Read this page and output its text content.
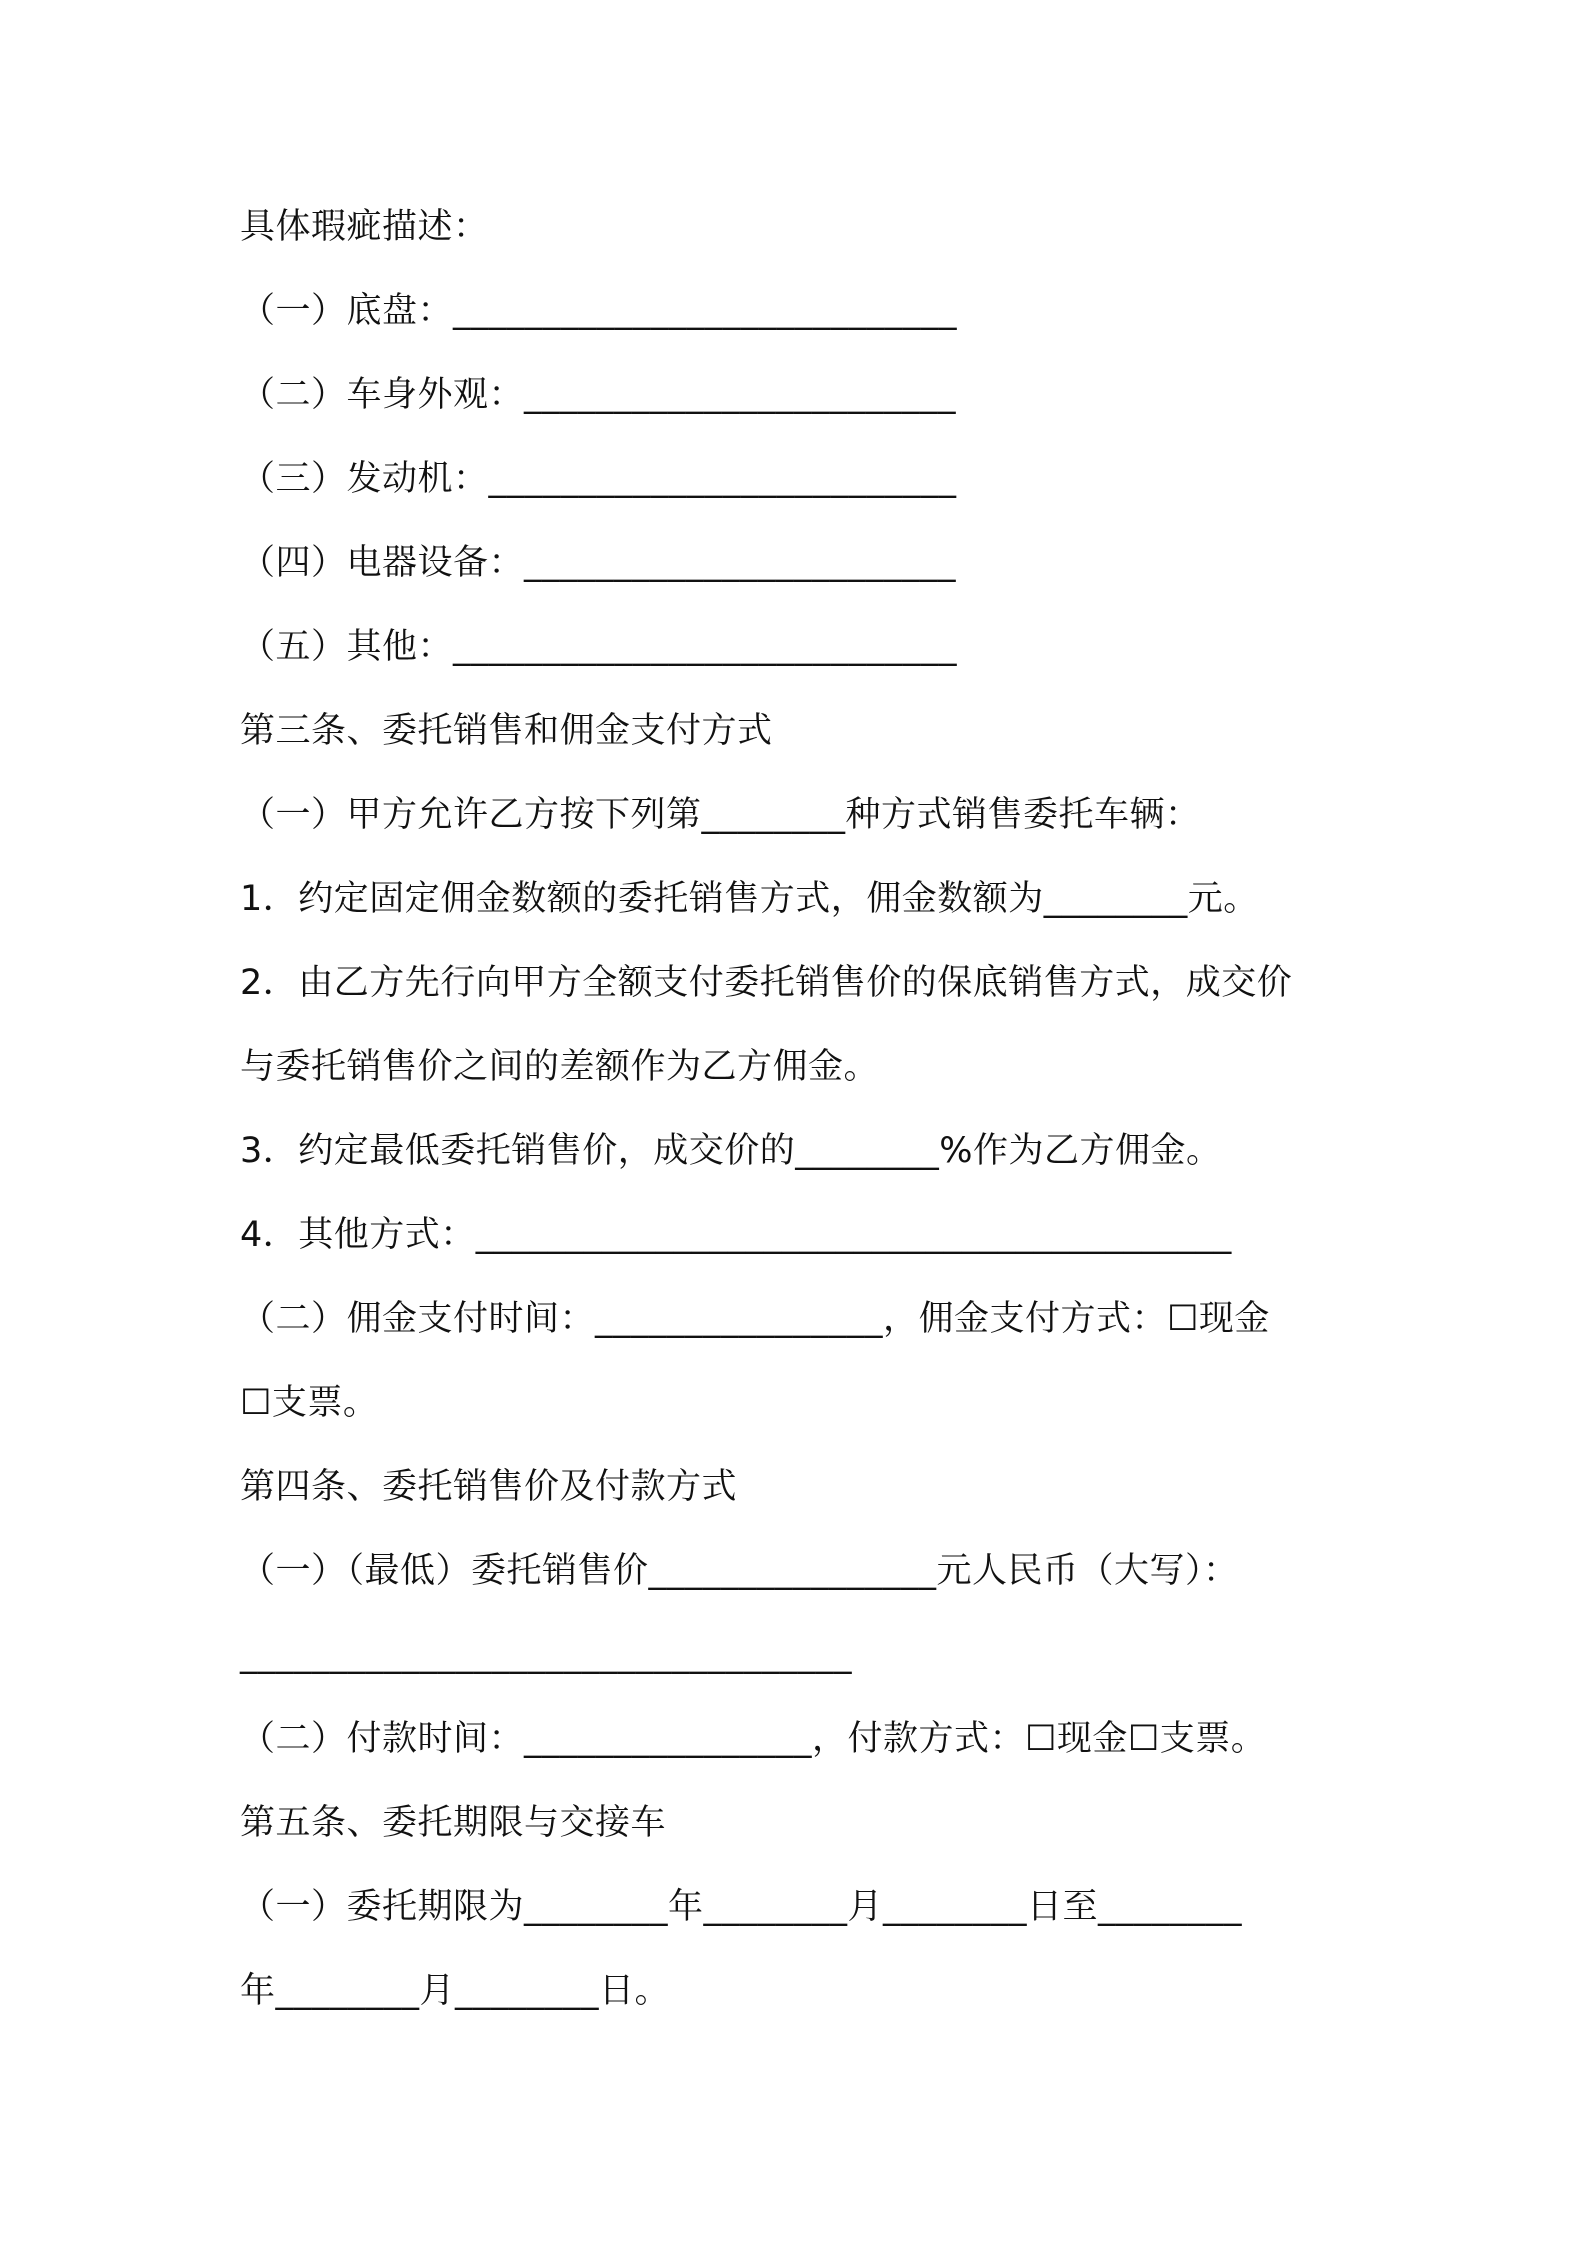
具体瑕疵描述：
（一）底盘：____________________________
（二）车身外观：________________________
（三）发动机：__________________________
（四）电器设备：________________________
（五）其他：____________________________
第三条、委托销售和佣金支付方式
（一）甲方允许乙方按下列第________种方式销售委托车辆：
1．约定固定佣金数额的委托销售方式，佣金数额为________元。
2．由乙方先行向甲方全额支付委托销售价的保底销售方式，成交价
与委托销售价之间的差额作为乙方佣金。
3．约定最低委托销售价，成交价的________%作为乙方佣金。
4．其他方式：__________________________________________
（二）佣金支付时间：________________，佣金支付方式：☐现金
☐支票。
第四条、委托销售价及付款方式
（一）（最低）委托销售价________________元人民币（大写）：
__________________________________
（二）付款时间：________________，付款方式：☐现金☐支票。
第五条、委托期限与交接车
（一）委托期限为________年________月________日至________
年________月________日。
